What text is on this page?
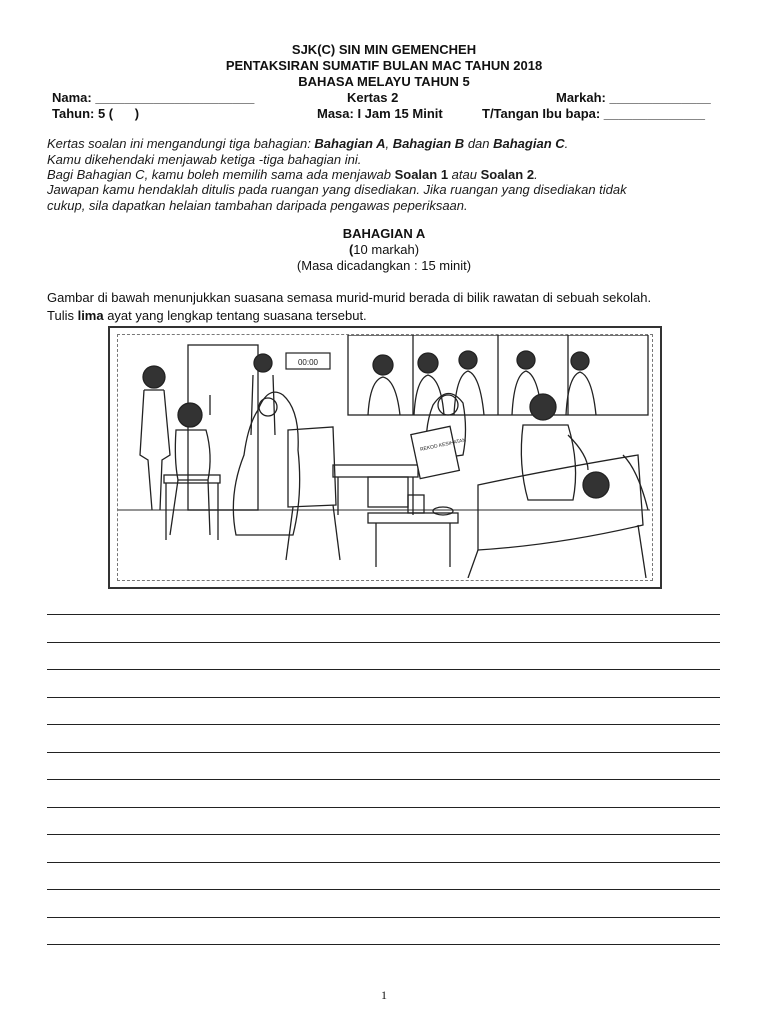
SJK(C) SIN MIN GEMENCHEH
PENTAKSIRAN SUMATIF BULAN MAC TAHUN 2018
BAHASA MELAYU TAHUN 5
Nama: ______________________	Kertas 2	Markah: ______________
Tahun: 5 (      )	Masa: I Jam 15 Minit	T/Tangan Ibu bapa: ______________
Kertas soalan ini mengandungi tiga bahagian: Bahagian A, Bahagian B dan Bahagian C.
Kamu dikehendaki menjawab ketiga -tiga bahagian ini.
Bagi Bahagian C, kamu boleh memilih sama ada menjawab Soalan 1 atau Soalan 2.
Jawapan kamu hendaklah ditulis pada ruangan yang disediakan. Jika ruangan yang disediakan tidak
cukup, sila dapatkan helaian tambahan daripada pengawas peperiksaan.
BAHAGIAN A
(10 markah)
(Masa dicadangkan : 15 minit)
Gambar di bawah menunjukkan suasana semasa murid-murid berada di bilik rawatan di sebuah sekolah.
Tulis lima ayat yang lengkap tentang suasana tersebut.
00:00
REKOD KESIHATAN
1
